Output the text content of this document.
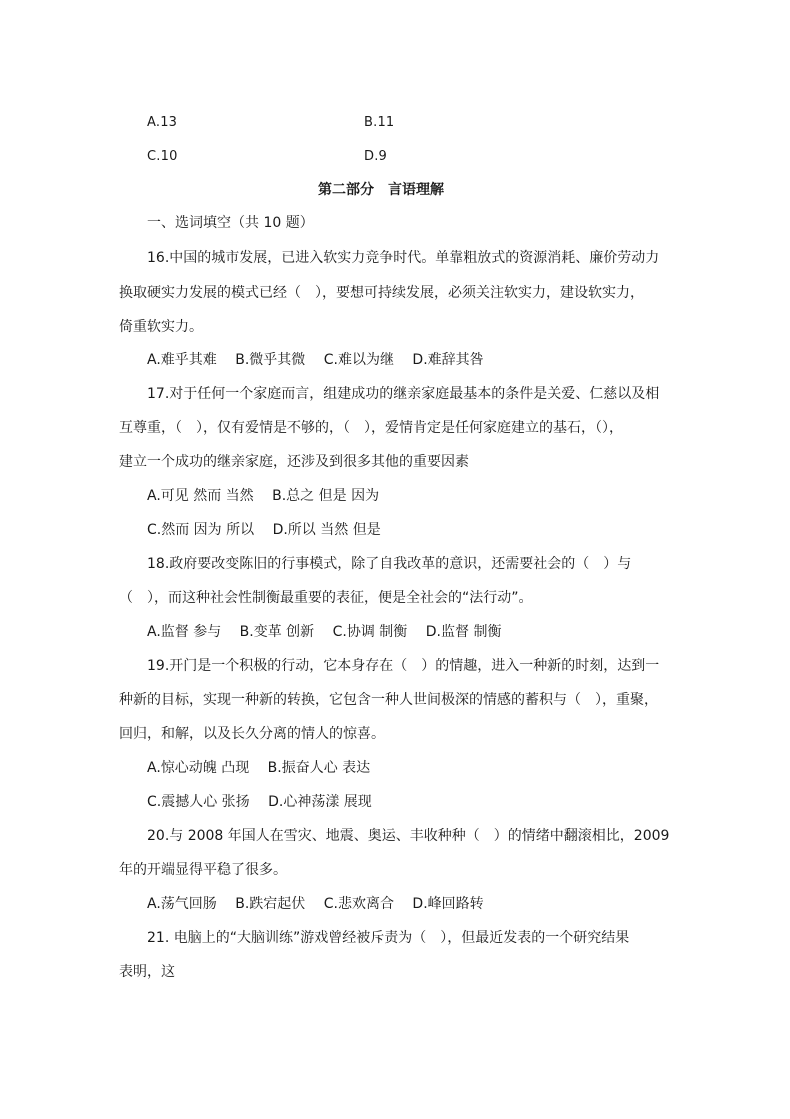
A.13	B.11
C.10	D.9
第二部分　言语理解
一、选词填空（共 10 题）
16.中国的城市发展，已进入软实力竞争时代。单靠粗放式的资源消耗、廉价劳动力
换取硬实力发展的模式已经（　），要想可持续发展，必须关注软实力，建设软实力，
倚重软实力。
A.难乎其难　 B.微乎其微　 C.难以为继　 D.难辞其咎
17.对于任何一个家庭而言，组建成功的继亲家庭最基本的条件是关爱、仁慈以及相
互尊重，（　），仅有爱情是不够的，（　），爱情肯定是任何家庭建立的基石，（），
建立一个成功的继亲家庭，还涉及到很多其他的重要因素
A.可见 然而 当然　 B.总之 但是 因为
C.然而 因为 所以　 D.所以 当然 但是
18.政府要改变陈旧的行事模式，除了自我改革的意识，还需要社会的（　）与
（　），而这种社会性制衡最重要的表征，便是全社会的“法行动”。
A.监督 参与　 B.变革 创新　 C.协调 制衡　 D.监督 制衡
19.开门是一个积极的行动，它本身存在（　）的情趣，进入一种新的时刻，达到一
种新的目标，实现一种新的转换，它包含一种人世间极深的情感的蓄积与（　），重聚，
回归，和解，以及长久分离的情人的惊喜。
A.惊心动魄 凸现　 B.振奋人心 表达
C.震撼人心 张扬　 D.心神荡漾 展现
20.与 2008 年国人在雪灾、地震、奥运、丰收种种（　）的情绪中翻滚相比，2009
年的开端显得平稳了很多。
A.荡气回肠　 B.跌宕起伏　 C.悲欢离合　 D.峰回路转
21. 电脑上的“大脑训练”游戏曾经被斥责为（　），但最近发表的一个研究结果
表明，这
